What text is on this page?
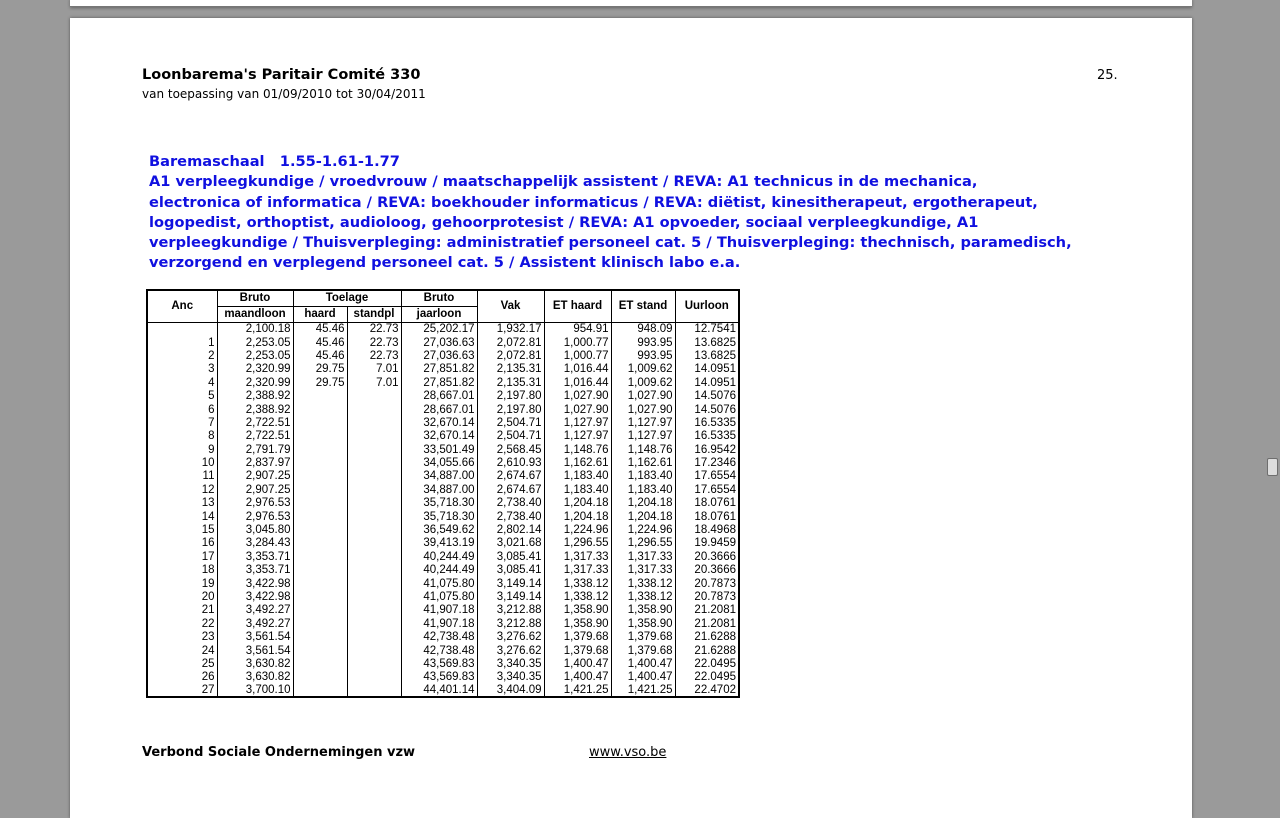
Loonbarema's Paritair Comité 330
van toepassing van 01/09/2010 tot 30/04/2011
25.
Baremaschaal   1.55-1.61-1.77
A1 verpleegkundige / vroedvrouw / maatschappelijk assistent / REVA: A1 technicus in de mechanica,
electronica of informatica / REVA: boekhouder informaticus / REVA: diëtist, kinesitherapeut, ergotherapeut,
logopedist, orthoptist, audioloog, gehoorprotesist / REVA: A1 opvoeder, sociaal verpleegkundige, A1
verpleegkundige / Thuisverpleging: administratief personeel cat. 5 / Thuisverpleging: thechnisch, paramedisch,
verzorgend en verplegend personeel cat. 5 / Assistent klinisch labo e.a.
Anc	Bruto	Toelage		Bruto	Vak	ET haard	ET stand	Uurloon
	maandloon	haard	standpl	jaarloon				
	2,100.18	45.46	22.73	25,202.17	1,932.17	954.91	948.09	12.7541
1	2,253.05	45.46	22.73	27,036.63	2,072.81	1,000.77	993.95	13.6825
2	2,253.05	45.46	22.73	27,036.63	2,072.81	1,000.77	993.95	13.6825
3	2,320.99	29.75	7.01	27,851.82	2,135.31	1,016.44	1,009.62	14.0951
4	2,320.99	29.75	7.01	27,851.82	2,135.31	1,016.44	1,009.62	14.0951
5	2,388.92			28,667.01	2,197.80	1,027.90	1,027.90	14.5076
6	2,388.92			28,667.01	2,197.80	1,027.90	1,027.90	14.5076
7	2,722.51			32,670.14	2,504.71	1,127.97	1,127.97	16.5335
8	2,722.51			32,670.14	2,504.71	1,127.97	1,127.97	16.5335
9	2,791.79			33,501.49	2,568.45	1,148.76	1,148.76	16.9542
10	2,837.97			34,055.66	2,610.93	1,162.61	1,162.61	17.2346
11	2,907.25			34,887.00	2,674.67	1,183.40	1,183.40	17.6554
12	2,907.25			34,887.00	2,674.67	1,183.40	1,183.40	17.6554
13	2,976.53			35,718.30	2,738.40	1,204.18	1,204.18	18.0761
14	2,976.53			35,718.30	2,738.40	1,204.18	1,204.18	18.0761
15	3,045.80			36,549.62	2,802.14	1,224.96	1,224.96	18.4968
16	3,284.43			39,413.19	3,021.68	1,296.55	1,296.55	19.9459
17	3,353.71			40,244.49	3,085.41	1,317.33	1,317.33	20.3666
18	3,353.71			40,244.49	3,085.41	1,317.33	1,317.33	20.3666
19	3,422.98			41,075.80	3,149.14	1,338.12	1,338.12	20.7873
20	3,422.98			41,075.80	3,149.14	1,338.12	1,338.12	20.7873
21	3,492.27			41,907.18	3,212.88	1,358.90	1,358.90	21.2081
22	3,492.27			41,907.18	3,212.88	1,358.90	1,358.90	21.2081
23	3,561.54			42,738.48	3,276.62	1,379.68	1,379.68	21.6288
24	3,561.54			42,738.48	3,276.62	1,379.68	1,379.68	21.6288
25	3,630.82			43,569.83	3,340.35	1,400.47	1,400.47	22.0495
26	3,630.82			43,569.83	3,340.35	1,400.47	1,400.47	22.0495
27	3,700.10			44,401.14	3,404.09	1,421.25	1,421.25	22.4702
Verbond Sociale Ondernemingen vzw	www.vso.be
